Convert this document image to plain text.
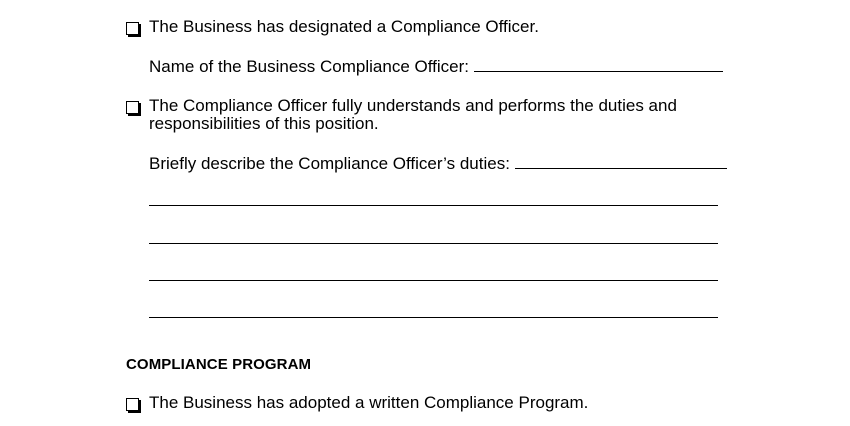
The Business has designated a Compliance Officer.
Name of the Business Compliance Officer:
The Compliance Officer fully understands and performs the duties and
responsibilities of this position.
Briefly describe the Compliance Officer’s duties:
COMPLIANCE PROGRAM
The Business has adopted a written Compliance Program.
